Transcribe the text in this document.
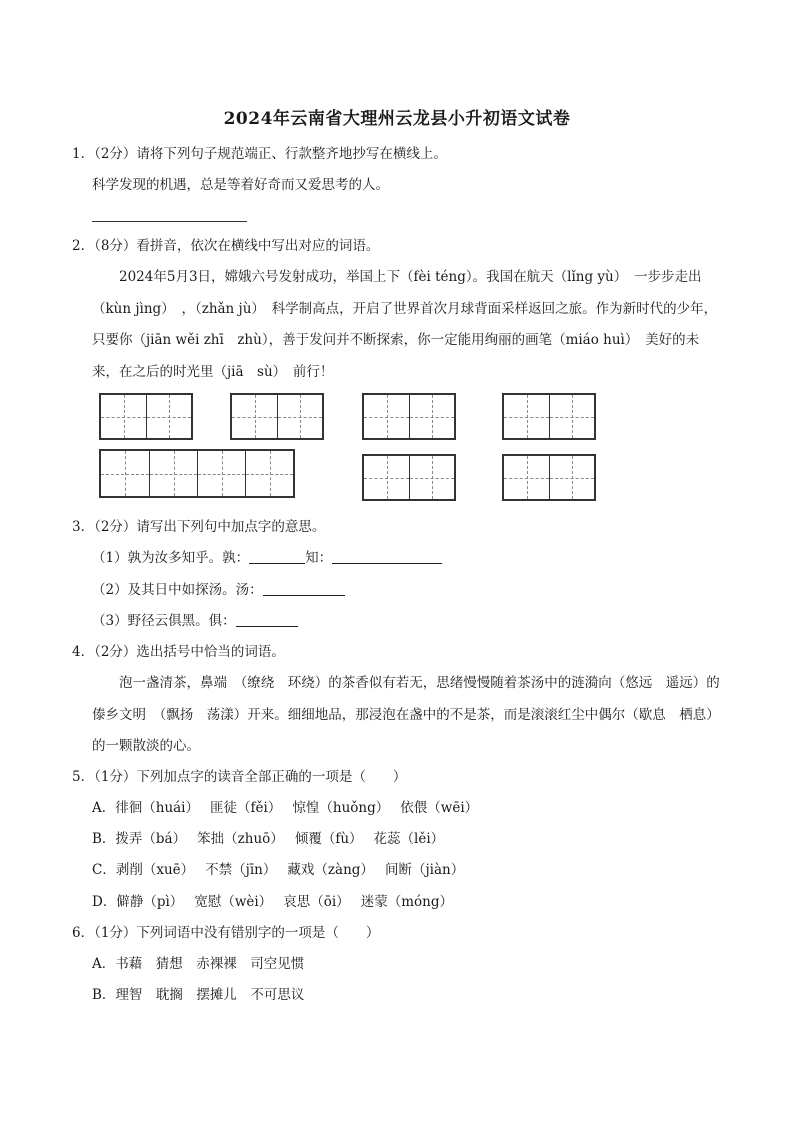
2024年云南省大理州云龙县小升初语文试卷
1．（2分）请将下列句子规范端正、行款整齐地抄写在横线上。
科学发现的机遇，总是等着好奇而又爱思考的人。
2．（8分）看拼音，依次在横线中写出对应的词语。
2024年5月3日，嫦娥六号发射成功，举国上下（fèi téng）。我国在航天（lǐng yù）　一步步走出（kùn jìng）　，（zhǎn jù）　科学制高点，开启了世界首次月球背面采样返回之旅。作为新时代的少年，只要你（jiān wěi zhī　zhù），善于发问并不断探索，你一定能用绚丽的画笔（miáo huì）　美好的未来，在之后的时光里（jiā　sù）　前行！
3．（2分）请写出下列句中加点字的意思。
（1）孰为汝多知乎。孰：	知：
（2）及其日中如探汤。汤：
（3）野径云俱黑。俱：
4．（2分）选出括号中恰当的词语。
泡一盏清茶，鼻端　（缭绕　环绕）的茶香似有若无，思绪慢慢随着茶汤中的涟漪向（悠远　遥远）的傣乡文明　（飘扬　荡漾）开来。细细地品，那浸泡在盏中的不是茶，而是滚滚红尘中偶尔（歇息　栖息）的一颗散淡的心。
5．（1分）下列加点字的读音全部正确的一项是（　　）
A．徘徊（huái）　 匪徒（fěi）　 惊惶（huǒng）　 依偎（wēi）
B．拨弄（bá）　 笨拙（zhuō）　 倾覆（fù）　 花蕊（lěi）
C．剥削（xuē）　 不禁（jīn）　 藏戏（zàng）　 间断（jiàn）
D．僻静（pì）　 宽慰（wèi）　 哀思（ōi）　 迷蒙（móng）
6．（1分）下列词语中没有错别字的一项是（　　）
A．书藉　猜想　赤裸裸　司空见惯
B．理智　耽搁　摆摊儿　不可思议
